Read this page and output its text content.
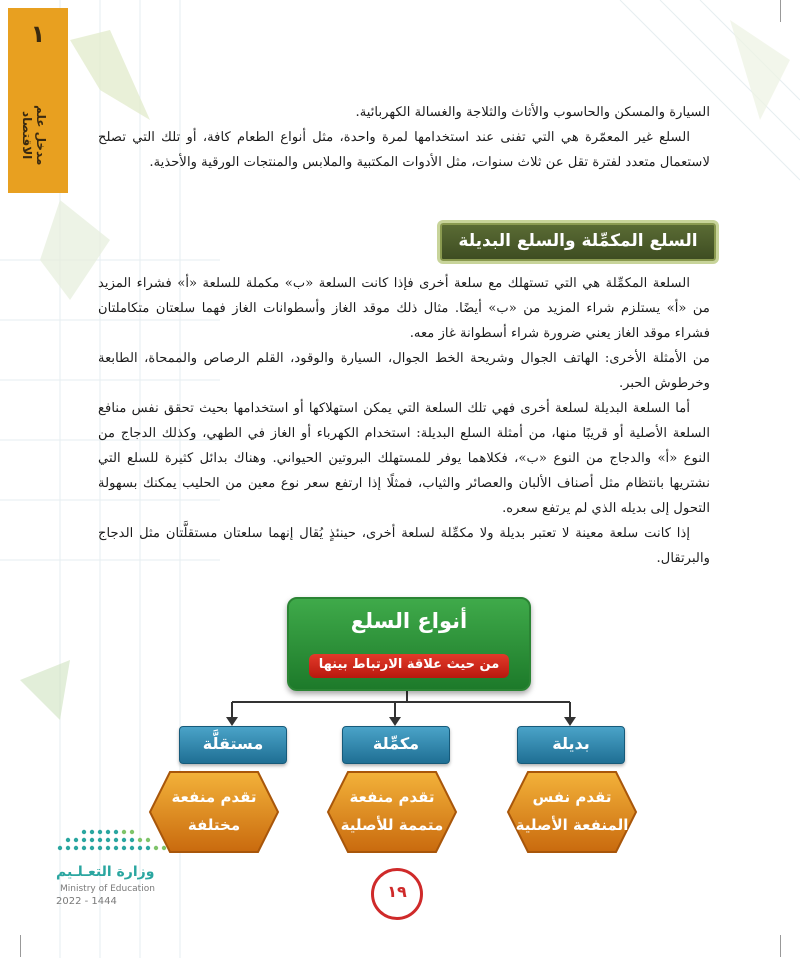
١
مدخل علم الاقتصاد	السيارة والمسكن والحاسوب والأثاث والثلاجة والغسالة الكهربائية.

السلع غير المعمّرة هي التي تفنى عند استخدامها لمرة واحدة، مثل أنواع الطعام كافة، أو تلك التي تصلح لاستعمال متعدد لفترة تقل عن ثلاث سنوات، مثل الأدوات المكتبية والملابس والمنتجات الورقية والأحذية.

السلع المكمِّلة والسلع البديلة

السلعة المكمِّلة هي التي تستهلك مع سلعة أخرى فإذا كانت السلعة «ب» مكملة للسلعة «أ» فشراء المزيد من «أ» يستلزم شراء المزيد من «ب» أيضًا. مثال ذلك موقد الغاز وأسطوانات الغاز فهما سلعتان متكاملتان فشراء موقد الغاز يعني ضرورة شراء أسطوانة غاز معه.

من الأمثلة الأخرى: الهاتف الجوال وشريحة الخط الجوال، السيارة والوقود، القلم الرصاص والممحاة، الطابعة وخرطوش الحبر.

أما السلعة البديلة لسلعة أخرى فهي تلك السلعة التي يمكن استهلاكها أو استخدامها بحيث تحقق نفس منافع السلعة الأصلية أو قريبًا منها، من أمثلة السلع البديلة: استخدام الكهرباء أو الغاز في الطهي، وكذلك الدجاج من النوع «أ» والدجاج من النوع «ب»، فكلاهما يوفر للمستهلك البروتين الحيواني. وهناك بدائل كثيرة للسلع التي نشتريها بانتظام مثل أصناف الألبان والعصائر والثياب، فمثلًا إذا ارتفع سعر نوع معين من الحليب يمكنك بسهولة التحول إلى بديله الذي لم يرتفع سعره.

إذا كانت سلعة معينة لا تعتبر بديلة ولا مكمِّلة لسلعة أخرى، حينئذٍ يُقال إنهما سلعتان مستقلَّتان مثل الدجاج والبرتقال.

أنواع السلع
من حيث علاقة الارتباط بينها
مستقلَّة	مكمِّلة	بديلة
تقدم منفعة
مختلفة
تقدم منفعة
متممة للأصلية
تقدم نفس
المنفعة الأصلية
وزارة التعـلـيم
Ministry of Education
2022 - 1444
١٩
